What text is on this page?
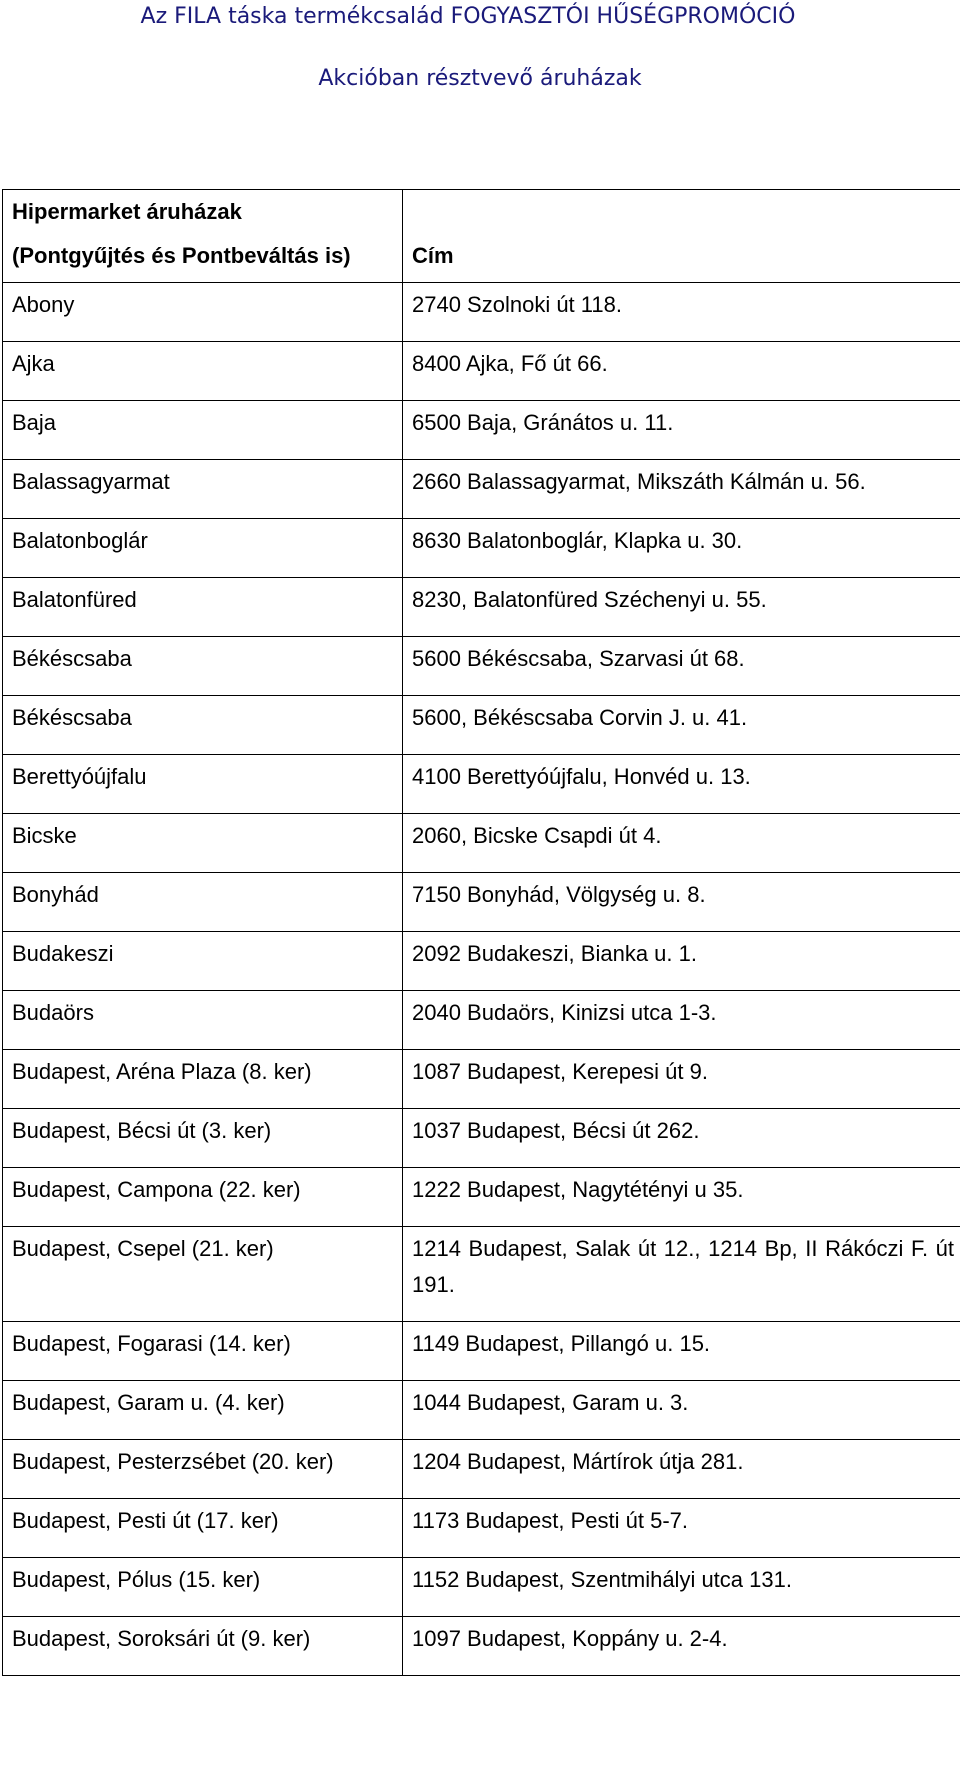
Az FILA táska termékcsalád FOGYASZTÓI HŰSÉGPROMÓCIÓ
Akcióban résztvevő áruházak
Hipermarket áruházak
(Pontgyűjtés és Pontbeváltás is)	Cím

Abony	2740 Szolnoki út 118.

Ajka	8400 Ajka, Fő út 66.

Baja	6500 Baja, Gránátos u. 11.

Balassagyarmat	2660 Balassagyarmat, Mikszáth Kálmán u. 56.

Balatonboglár	8630 Balatonboglár, Klapka u. 30.

Balatonfüred	8230, Balatonfüred Széchenyi u. 55.

Békéscsaba	5600 Békéscsaba, Szarvasi út 68.

Békéscsaba	5600, Békéscsaba Corvin J. u. 41.

Berettyóújfalu	4100 Berettyóújfalu, Honvéd u. 13.

Bicske	2060, Bicske Csapdi út 4.

Bonyhád	7150 Bonyhád, Völgység u. 8.

Budakeszi	2092 Budakeszi, Bianka u. 1.

Budaörs	2040 Budaörs, Kinizsi utca 1-3.

Budapest, Aréna Plaza (8. ker)	1087 Budapest, Kerepesi út 9.

Budapest, Bécsi út (3. ker)	1037 Budapest, Bécsi út 262.

Budapest, Campona (22. ker)	1222 Budapest, Nagytétényi u 35.

Budapest, Csepel (21. ker)	1214 Budapest, Salak út 12., 1214 Bp, II Rákóczi F. út 191.

Budapest, Fogarasi (14. ker)	1149 Budapest, Pillangó u. 15.

Budapest, Garam u. (4. ker)	1044 Budapest, Garam u. 3.

Budapest, Pesterzsébet (20. ker)	1204 Budapest, Mártírok útja 281.

Budapest, Pesti út (17. ker)	1173 Budapest, Pesti út 5-7.

Budapest, Pólus (15. ker)	1152 Budapest, Szentmihályi utca 131.

Budapest, Soroksári út (9. ker)	1097 Budapest, Koppány u. 2-4.
